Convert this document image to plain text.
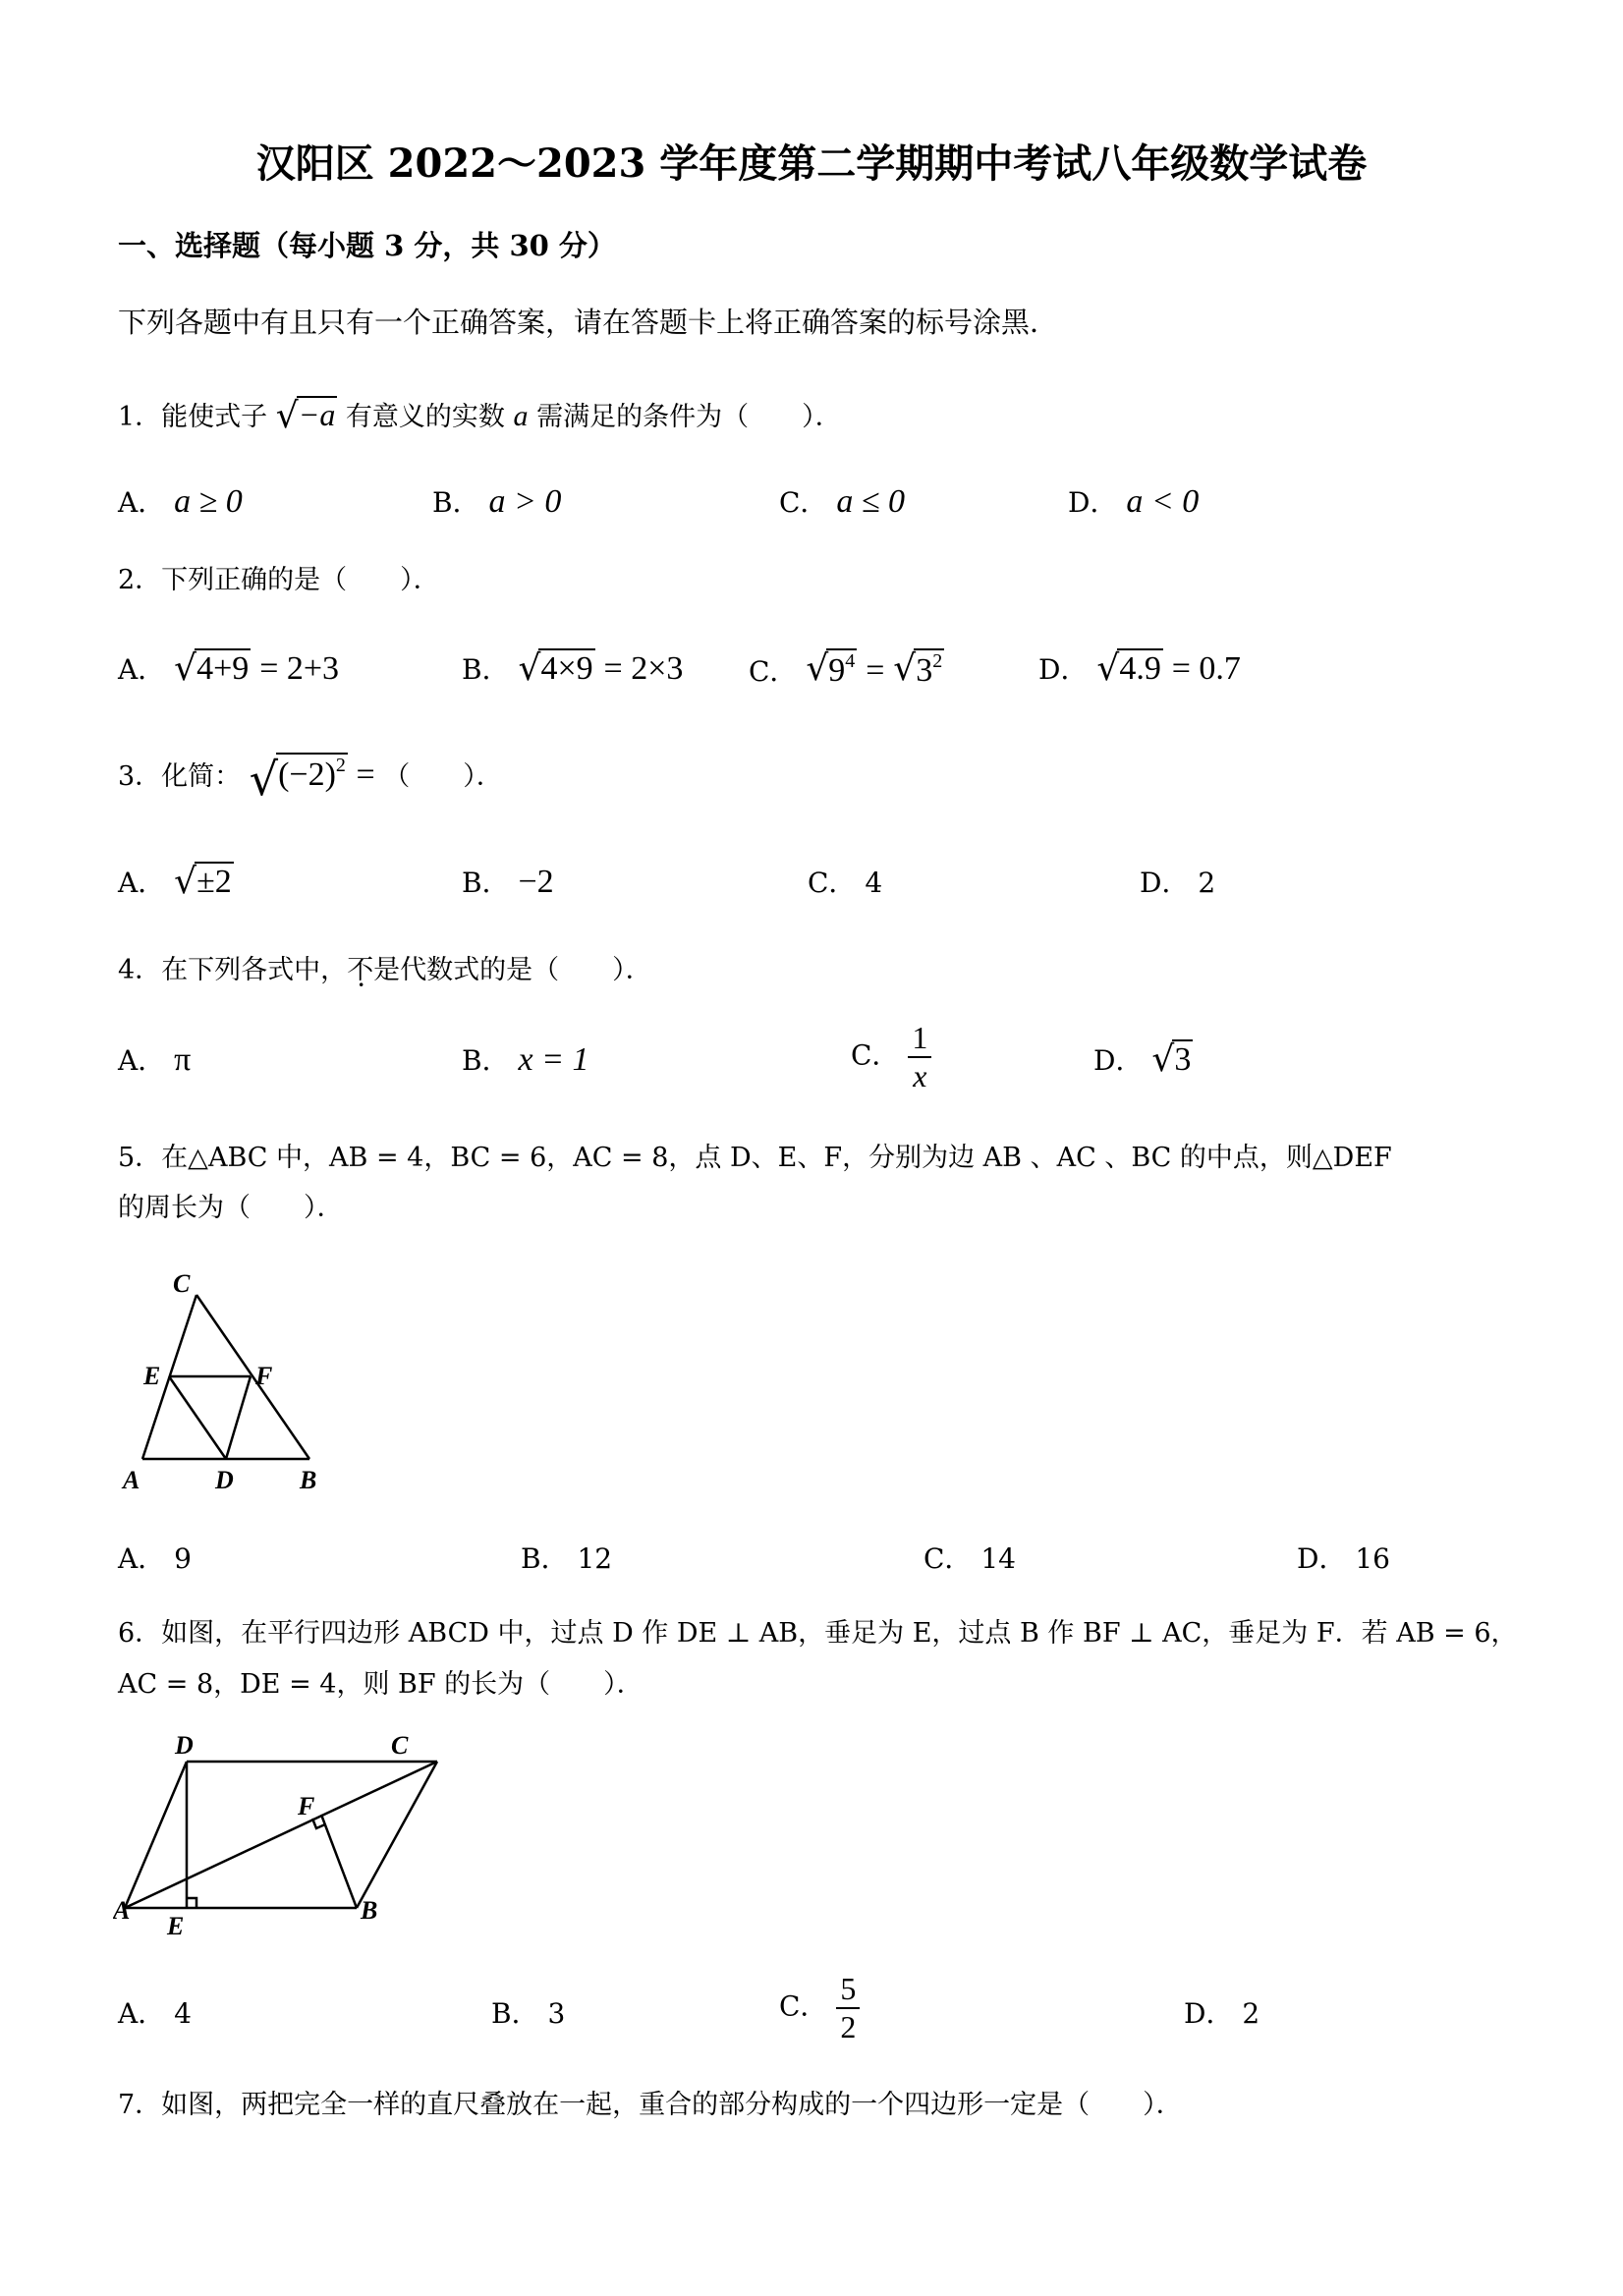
汉阳区 2022～2023 学年度第二学期期中考试八年级数学试卷
一、选择题（每小题 3 分，共 30 分）
下列各题中有且只有一个正确答案，请在答题卡上将正确答案的标号涂黑．
1．能使式子 √−a 有意义的实数 a 需满足的条件为（　　）．
A． a ≥ 0	B． a > 0	C． a ≤ 0	D． a < 0
2．下列正确的是（　　）．
A． √4+9 = 2+3	B． √4×9 = 2×3 C． $√9^4 = √3^2$	D． √4.9 = 0.7
3．化简： $√(-2)^2$ = （　　）．
A． √±2	B． −2	C． 4	D． 2
4．在下列各式中，不是代数式的是（　　）．
A． π	B． x = 1	C． $\frac{1}{x}$	D． √3
5．在△ABC 中，AB = 4，BC = 6，AC = 8，点 D、E、F，分别为边 AB 、AC 、BC 的中点，则△DEF
的周长为（　　）．
C
E	F
A	D	B
A． 9	B． 12	C． 14	D． 16
6．如图，在平行四边形 ABCD 中，过点 D 作 DE ⊥ AB，垂足为 E，过点 B 作 BF ⊥ AC，垂足为 F．若 AB = 6，
AC = 8，DE = 4，则 BF 的长为（　　）．
D	C
F
A
E
B
A． 4	B． 3	C． $\frac{5}{2}$	D． 2
7．如图，两把完全一样的直尺叠放在一起，重合的部分构成的一个四边形一定是（　　）．
